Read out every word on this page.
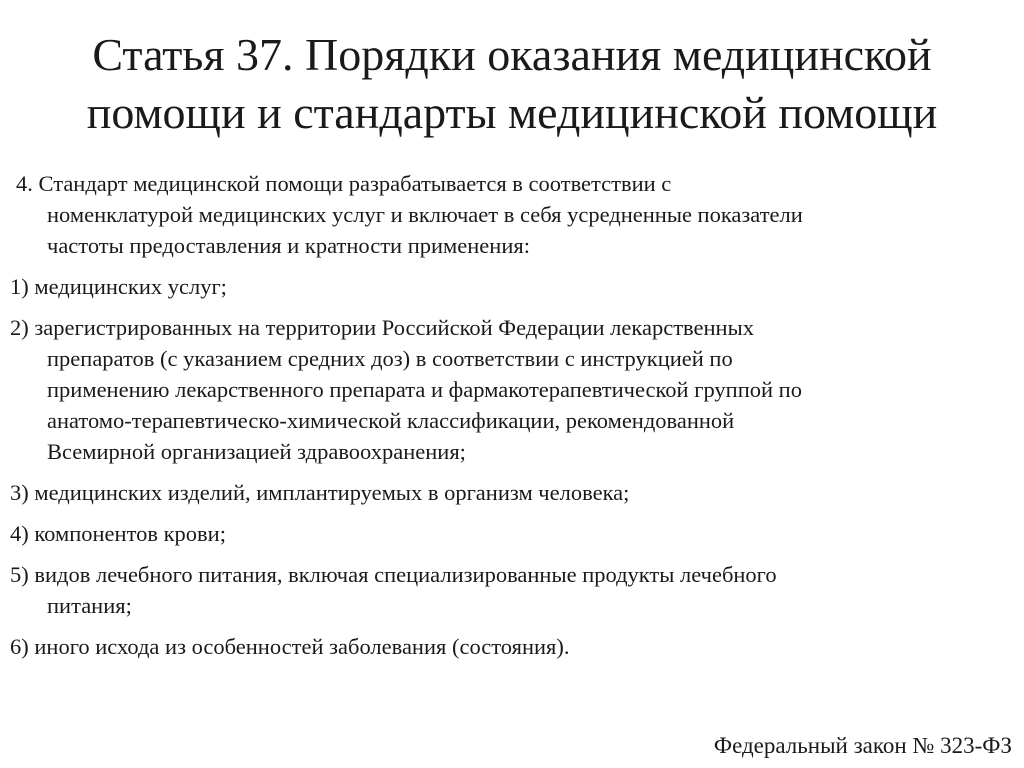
Статья 37. Порядки оказания медицинской
помощи и стандарты медицинской помощи

4. Стандарт медицинской помощи разрабатывается в соответствии с
номенклатурой медицинских услуг и включает в себя усредненные показатели
частоты предоставления и кратности применения:

1) медицинских услуг;

2) зарегистрированных на территории Российской Федерации лекарственных
препаратов (с указанием средних доз) в соответствии с инструкцией по
применению лекарственного препарата и фармакотерапевтической группой по
анатомо-терапевтическо-химической классификации, рекомендованной
Всемирной организацией здравоохранения;

3) медицинских изделий, имплантируемых в организм человека;

4) компонентов крови;

5) видов лечебного питания, включая специализированные продукты лечебного
питания;

6) иного исхода из особенностей заболевания (состояния).

Федеральный закон № 323-ФЗ
